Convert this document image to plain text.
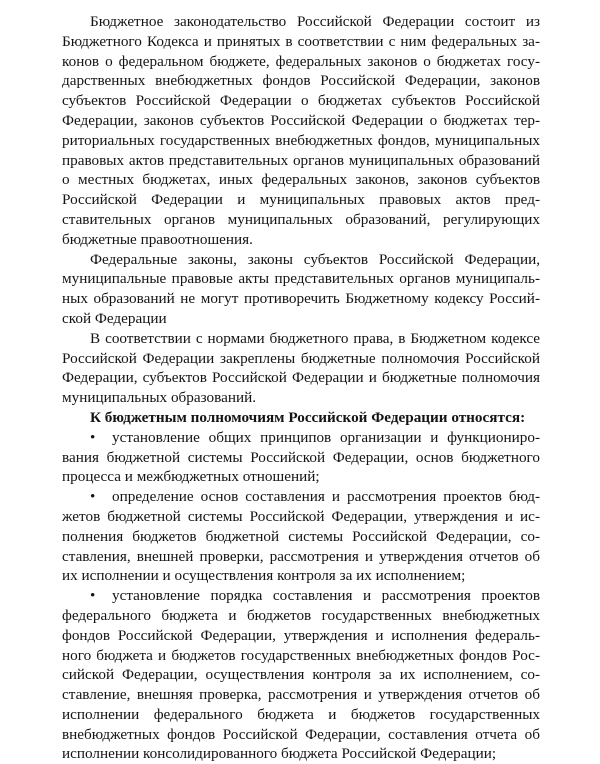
Бюджетное законодательство Российской Федерации состоит из Бюджетного Кодекса и принятых в соответствии с ним федеральных законов о федеральном бюджете, федеральных законов о бюджетах государственных внебюджетных фондов Российской Федерации, законов субъектов Российской Федерации о бюджетах субъектов Российской Федерации, законов субъектов Российской Федерации о бюджетах территориальных государственных внебюджетных фондов, муниципальных правовых актов представительных органов муниципальных образований о местных бюджетах, иных федеральных законов, законов субъектов Российской Федерации и муниципальных правовых актов представительных органов муниципальных образований, регулирующих бюджетные правоотношения.

Федеральные законы, законы субъектов Российской Федерации, муниципальные правовые акты представительных органов муниципальных образований не могут противоречить Бюджетному кодексу Российской Федерации

В соответствии с нормами бюджетного права, в Бюджетном кодексе Российской Федерации закреплены бюджетные полномочия Российской Федерации, субъектов Российской Федерации и бюджетные полномочия муниципальных образований.

К бюджетным полномочиям Российской Федерации относятся:

• установление общих принципов организации и функционирования бюджетной системы Российской Федерации, основ бюджетного процесса и межбюджетных отношений;

• определение основ составления и рассмотрения проектов бюджетов бюджетной системы Российской Федерации, утверждения и исполнения бюджетов бюджетной системы Российской Федерации, составления, внешней проверки, рассмотрения и утверждения отчетов об их исполнении и осуществления контроля за их исполнением;

• установление порядка составления и рассмотрения проектов федерального бюджета и бюджетов государственных внебюджетных фондов Российской Федерации, утверждения и исполнения федерального бюджета и бюджетов государственных внебюджетных фондов Российской Федерации, осуществления контроля за их исполнением, составление, внешняя проверка, рассмотрения и утверждения отчетов об исполнении федерального бюджета и бюджетов государственных внебюджетных фондов Российской Федерации, составления отчета об исполнении консолидированного бюджета Российской Федерации;
